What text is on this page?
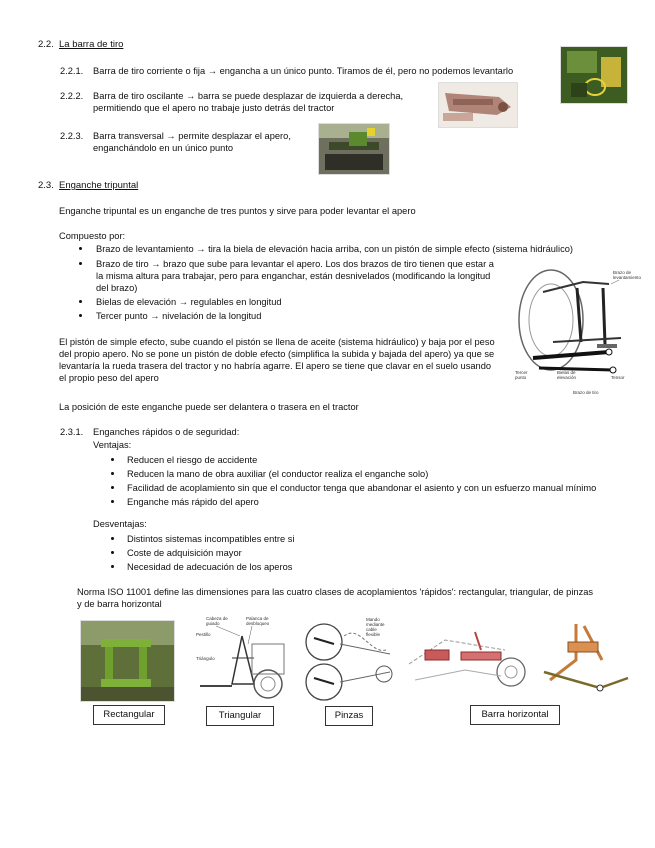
2.2. La barra de tiro
2.2.1. Barra de tiro corriente o fija → engancha a un único punto. Tiramos de él, pero no podemos levantarlo
2.2.2. Barra de tiro oscilante → barra se puede desplazar de izquierda a derecha,
permitiendo que el apero no trabaje justo detrás del tractor
2.2.3. Barra transversal → permite desplazar el apero,
enganchándolo en un único punto
2.3. Enganche tripuntal
Enganche tripuntal es un enganche de tres puntos y sirve para poder levantar el apero
Compuesto por:
Brazo de levantamiento → tira la biela de elevación hacia arriba, con un pistón de simple efecto (sistema hidráulico)
Brazo de tiro → brazo que sube para levantar el apero. Los dos brazos de tiro tienen que estar a
la misma altura para trabajar, pero para enganchar, están desnivelados (modificando la longitud
del brazo)
Bielas de elevación → regulables en longitud
Tercer punto → nivelación de la longitud
El pistón de simple efecto, sube cuando el pistón se llena de aceite (sistema hidráulico) y baja por el peso
del propio apero. No se pone un pistón de doble efecto (simplifica la subida y bajada del apero) ya que se
levantaría la rueda trasera del tractor y no habría agarre. El apero se tiene que clavar en el suelo usando
el propio peso del apero
La posición de este enganche puede ser delantera o trasera en el tractor
Brazo de
levantamiento
Tercer
punto
Bielas de
elevación	Tensor
Brazo de tiro
2.3.1. Enganches rápidos o de seguridad:
Ventajas:
Reducen el riesgo de accidente
Reducen la mano de obra auxiliar (el conductor realiza el enganche solo)
Facilidad de acoplamiento sin que el conductor tenga que abandonar el asiento y con un esfuerzo manual mínimo
Enganche más rápido del apero
Desventajas:
Distintos sistemas incompatibles entre si
Coste de adquisición mayor
Necesidad de adecuación de los aperos
Norma ISO 11001 define las dimensiones para las cuatro clases de acoplamientos 'rápidos': rectangular, triangular, de pinzas
y de barra horizontal
Cabeza de
guiado
Palanca de
desbloqueo
Pestillo
Triángulo
Mando
mediante
cable
flexible
Rectangular	Triangular	Pinzas	Barra horizontal
